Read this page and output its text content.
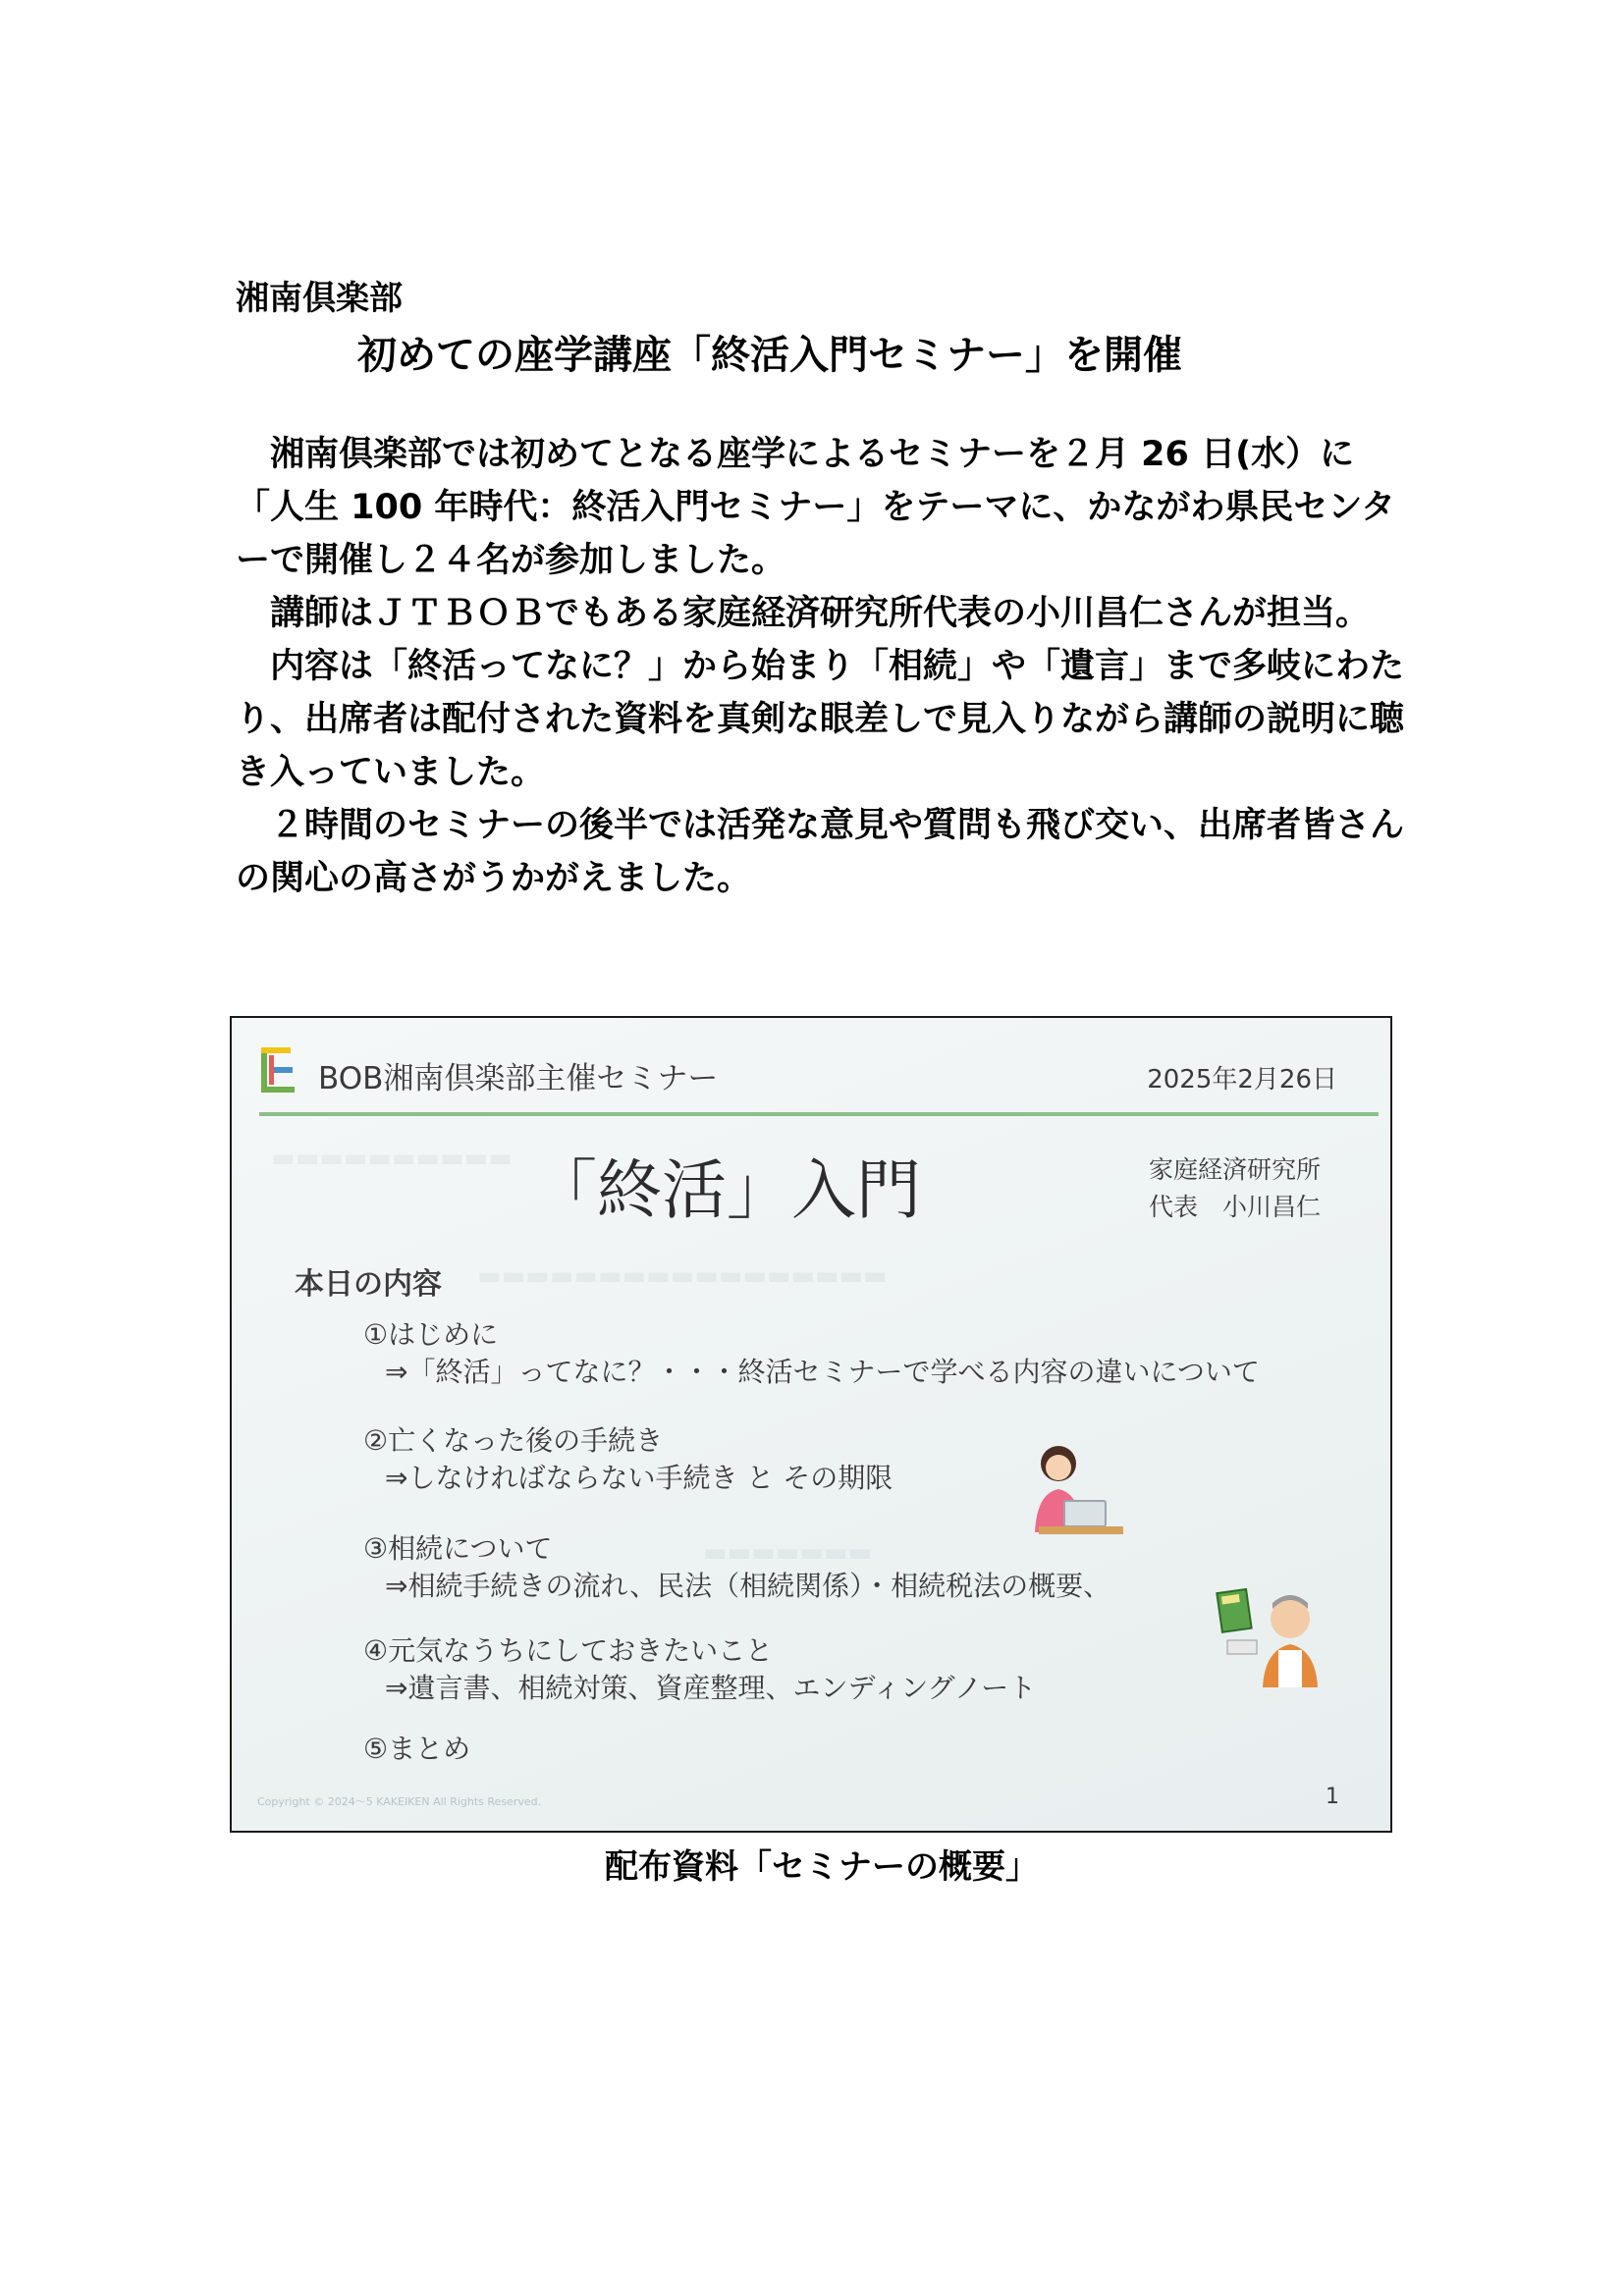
湘南倶楽部
初めての座学講座「終活入門セミナー」を開催

湘南倶楽部では初めてとなる座学によるセミナーを２月 26 日(水）に「人生 100 年時代：終活入門セミナー」をテーマに、かながわ県民センターで開催し２４名が参加しました。

講師はＪＴＢＯＢでもある家庭経済研究所代表の小川昌仁さんが担当。

内容は「終活ってなに？」から始まり「相続」や「遺言」まで多岐にわたり、出席者は配付された資料を真剣な眼差しで見入りながら講師の説明に聴き入っていました。

２時間のセミナーの後半では活発な意見や質問も飛び交い、出席者皆さんの関心の高さがうかがえました。

BOB湘南倶楽部主催セミナー	2025年2月26日
▬▬▬▬▬▬▬▬▬▬
▬▬▬▬▬▬▬▬▬▬▬▬▬▬▬▬▬
▬▬▬▬▬▬▬
「終活」入門	家庭経済研究所
代表　小川昌仁
本日の内容
①はじめに
⇒「終活」ってなに？・・・終活セミナーで学べる内容の違いについて
②亡くなった後の手続き
⇒しなければならない手続き と その期限
③相続について
⇒相続手続きの流れ、民法（相続関係）・相続税法の概要、
④元気なうちにしておきたいこと
⇒遺言書、相続対策、資産整理、エンディングノート
⑤まとめ
Copyright © 2024～5 KAKEIKEN All Rights Reserved.	1
配布資料「セミナーの概要」
